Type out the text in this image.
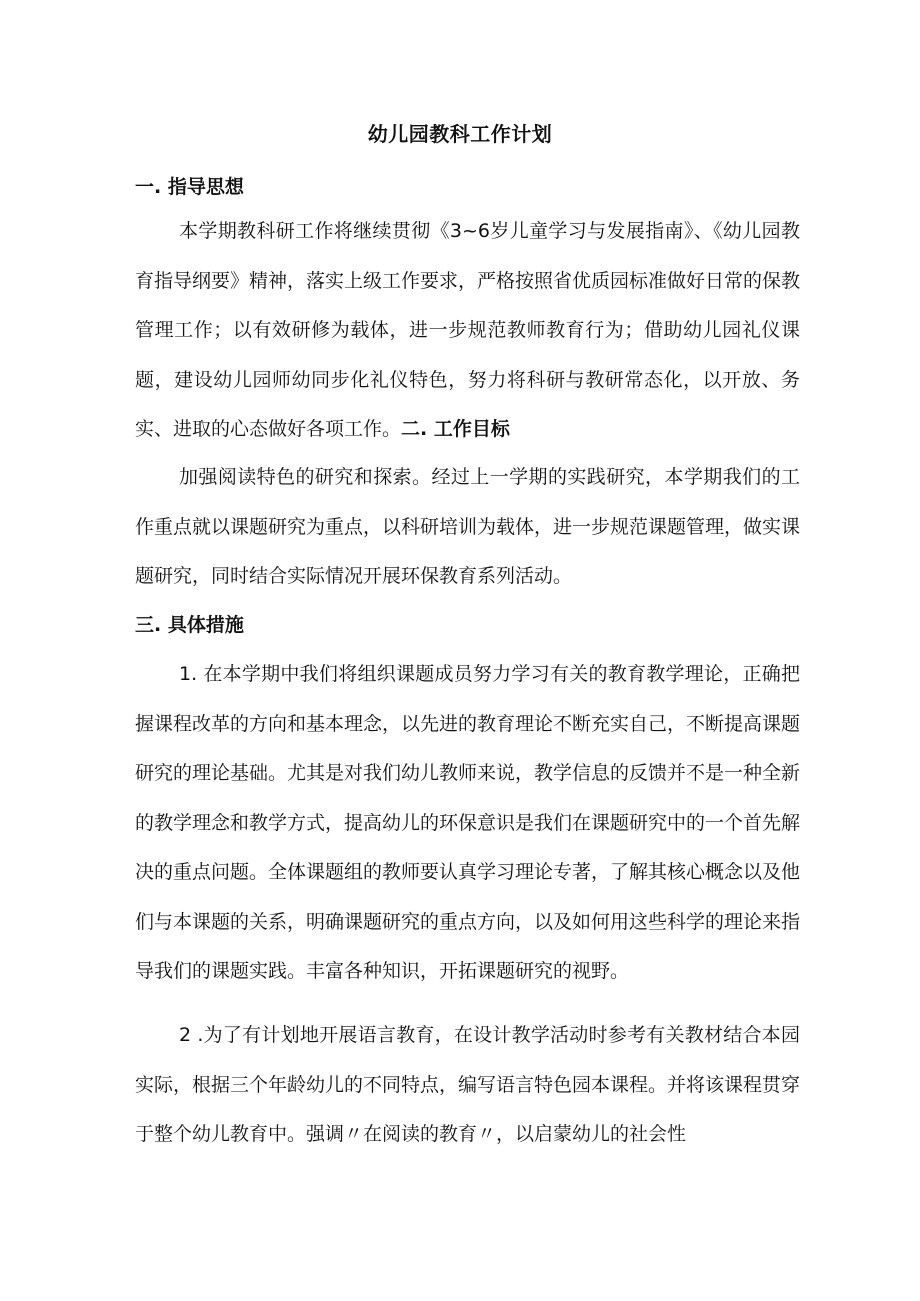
幼儿园教科工作计划
一. 指导思想
本学期教科研工作将继续贯彻《3~6岁儿童学习与发展指南》、《幼儿园教育指导纲要》精神，落实上级工作要求，严格按照省优质园标准做好日常的保教管理工作；以有效研修为载体，进一步规范教师教育行为；借助幼儿园礼仪课题，建设幼儿园师幼同步化礼仪特色，努力将科研与教研常态化，以开放、务实、进取的心态做好各项工作。二. 工作目标
加强阅读特色的研究和探索。经过上一学期的实践研究，本学期我们的工作重点就以课题研究为重点，以科研培训为载体，进一步规范课题管理，做实课题研究，同时结合实际情况开展环保教育系列活动。
三. 具体措施
1. 在本学期中我们将组织课题成员努力学习有关的教育教学理论，正确把握课程改革的方向和基本理念，以先进的教育理论不断充实自己，不断提高课题研究的理论基础。尤其是对我们幼儿教师来说，教学信息的反馈并不是一种全新的教学理念和教学方式，提高幼儿的环保意识是我们在课题研究中的一个首先解决的重点问题。全体课题组的教师要认真学习理论专著，了解其核心概念以及他们与本课题的关系，明确课题研究的重点方向，以及如何用这些科学的理论来指导我们的课题实践。丰富各种知识，开拓课题研究的视野。
2 .为了有计划地开展语言教育，在设计教学活动时参考有关教材结合本园实际，根据三个年龄幼儿的不同特点，编写语言特色园本课程。并将该课程贯穿于整个幼儿教育中。强调〃在阅读的教育〃，以启蒙幼儿的社会性
